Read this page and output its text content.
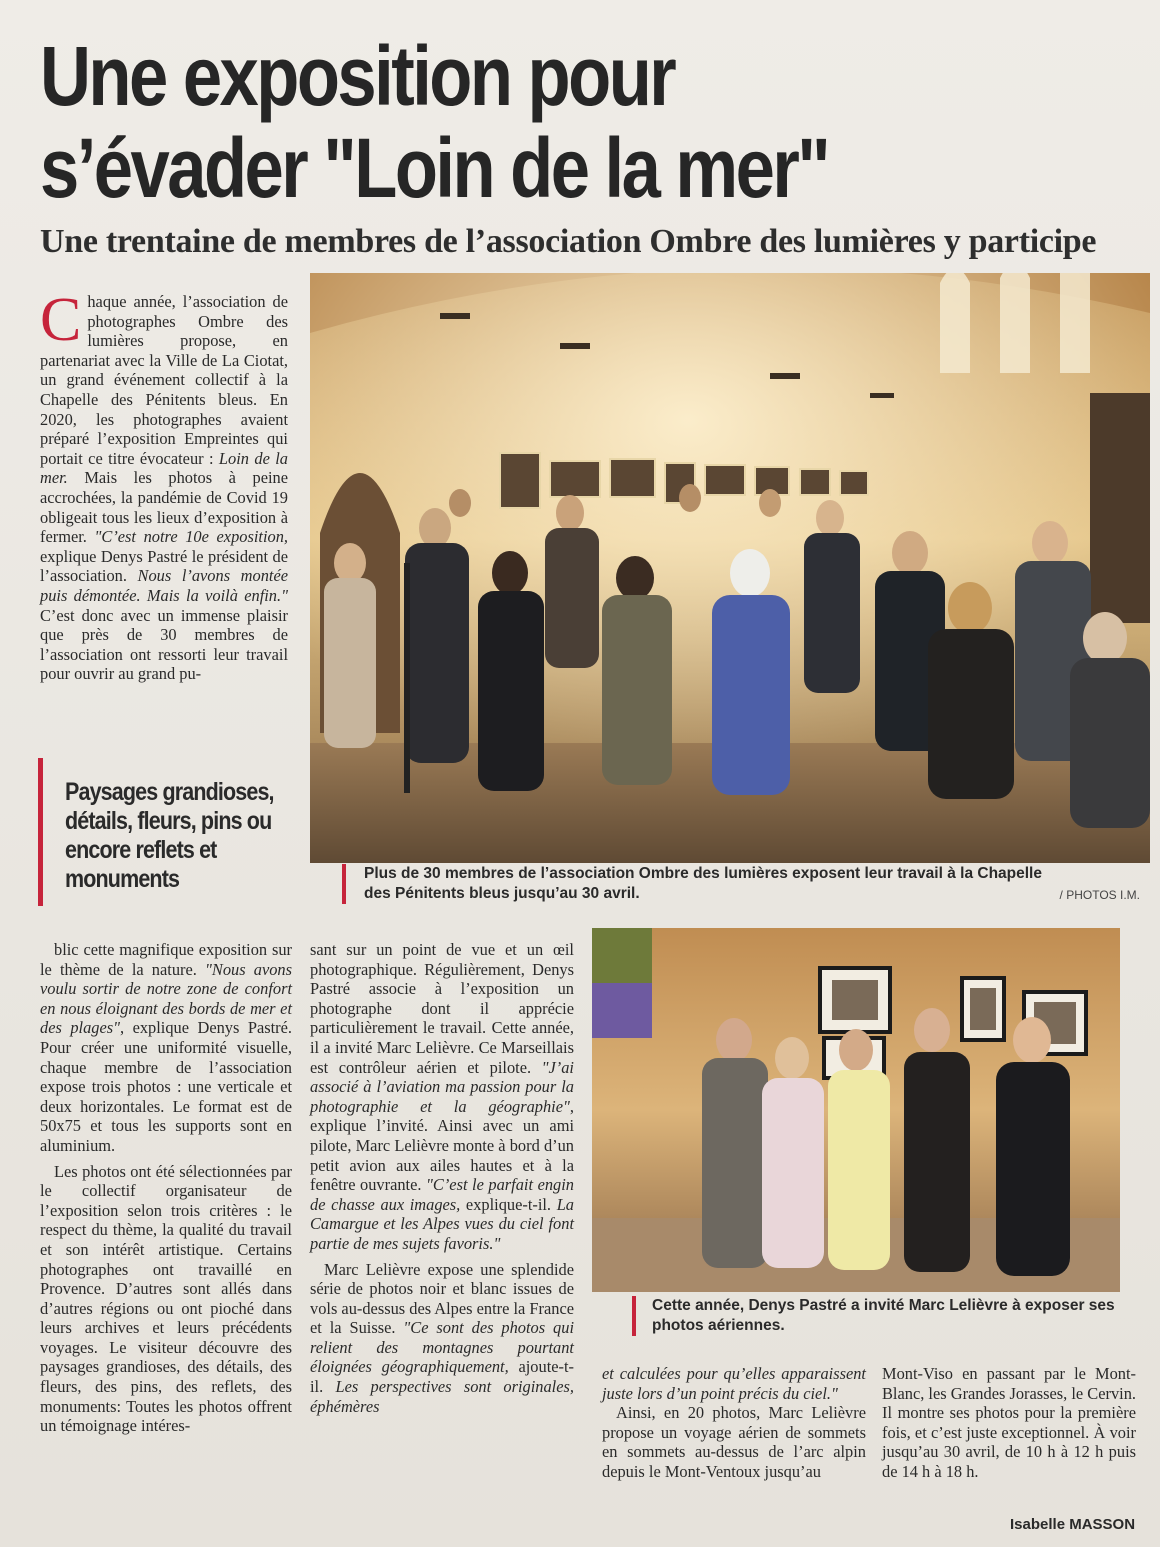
Une exposition pour
s’évader "Loin de la mer"
Une trentaine de membres de l’association Ombre des lumières y participe
C haque année, l’association de photographes Ombre des lumières propose, en partenariat avec la Ville de La Ciotat, un grand événement collectif à la Chapelle des Pénitents bleus. En 2020, les photographes avaient préparé l’exposition Empreintes qui portait ce titre évocateur : Loin de la mer. Mais les photos à peine accrochées, la pandémie de Covid 19 obligeait tous les lieux d’exposition à fermer. "C’est notre 10e exposition, explique Denys Pastré le président de l’association. Nous l’avons montée puis démontée. Mais la voilà enfin." C’est donc avec un immense plaisir que près de 30 membres de l’association ont ressorti leur travail pour ouvrir au grand pu-
Paysages grandioses, détails, fleurs, pins ou encore reflets et monuments	Plus de 30 membres de l’association Ombre des lumières exposent leur travail à la Chapelle des Pénitents bleus jusqu’au 30 avril.	/ PHOTOS I.M.

Cette année, Denys Pastré a invité Marc Lelièvre à exposer ses photos aériennes.

blic cette magnifique exposition sur le thème de la nature. "Nous avons voulu sortir de notre zone de confort en nous éloignant des bords de mer et des plages", explique Denys Pastré. Pour créer une uniformité visuelle, chaque membre de l’association expose trois photos : une verticale et deux horizontales. Le format est de 50x75 et tous les supports sont en aluminium.

Les photos ont été sélectionnées par le collectif organisateur de l’exposition selon trois critères : le respect du thème, la qualité du travail et son intérêt artistique. Certains photographes ont travaillé en Provence. D’autres sont allés dans d’autres régions ou ont pioché dans leurs archives et leurs précédents voyages. Le visiteur découvre des paysages grandioses, des détails, des fleurs, des pins, des reflets, des monuments: Toutes les photos offrent un témoignage intéres-

sant sur un point de vue et un œil photographique. Régulièrement, Denys Pastré associe à l’exposition un photographe dont il apprécie particulièrement le travail. Cette année, il a invité Marc Lelièvre. Ce Marseillais est contrôleur aérien et pilote. "J’ai associé à l’aviation ma passion pour la photographie et la géographie", explique l’invité. Ainsi avec un ami pilote, Marc Lelièvre monte à bord d’un petit avion aux ailes hautes et à la fenêtre ouvrante. "C’est le parfait engin de chasse aux images, explique-t-il. La Camargue et les Alpes vues du ciel font partie de mes sujets favoris."

Marc Lelièvre expose une splendide série de photos noir et blanc issues de vols au-dessus des Alpes entre la France et la Suisse. "Ce sont des photos qui relient des montagnes pourtant éloignées géographiquement, ajoute-t-il. Les perspectives sont originales, éphémères

et calculées pour qu’elles apparaissent juste lors d’un point précis du ciel."

Ainsi, en 20 photos, Marc Lelièvre propose un voyage aérien de sommets en sommets au-dessus de l’arc alpin depuis le Mont-Ventoux jusqu’au

Mont-Viso en passant par le Mont-Blanc, les Grandes Jorasses, le Cervin. Il montre ses photos pour la première fois, et c’est juste exceptionnel. À voir jusqu’au 30 avril, de 10 h à 12 h puis de 14 h à 18 h.

Isabelle MASSON
